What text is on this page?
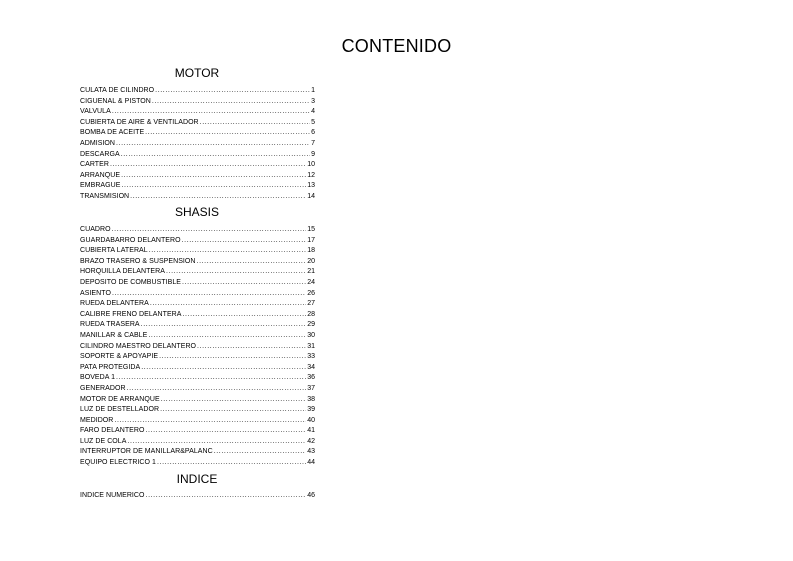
CONTENIDO
MOTOR
CULATA DE CILINDRO .....	1
CIGUENAL & PISTON .....	3
VALVULA .....	4
CUBIERTA DE AIRE & VENTILADOR .....	5
BOMBA DE ACEITE .....	6
ADMISION .....	7
DESCARGA .....	9
CARTER .....	10
ARRANQUE .....	12
EMBRAGUE .....	13
TRANSMISION .....	14
SHASIS
CUADRO .....	15
GUARDABARRO DELANTERO .....	17
CUBIERTA LATERAL .....	18
BRAZO TRASERO & SUSPENSION .....	20
HORQUILLA DELANTERA .....	21
DEPOSITO DE COMBUSTIBLE .....	24
ASIENTO .....	26
RUEDA DELANTERA .....	27
CALIBRE FRENO DELANTERA .....	28
RUEDA TRASERA .....	29
MANILLAR & CABLE .....	30
CILINDRO MAESTRO DELANTERO .....	31
SOPORTE & APOYAPIE .....	33
PATA PROTEGIDA .....	34
BOVEDA 1 .....	36
GENERADOR .....	37
MOTOR DE ARRANQUE .....	38
LUZ DE DESTELLADOR .....	39
MEDIDOR .....	40
FARO DELANTERO .....	41
LUZ DE COLA .....	42
INTERRUPTOR DE MANILLAR&PALANC .....	43
EQUIPO ELECTRICO 1 .....	44
INDICE
INDICE NUMERICO .....	46
